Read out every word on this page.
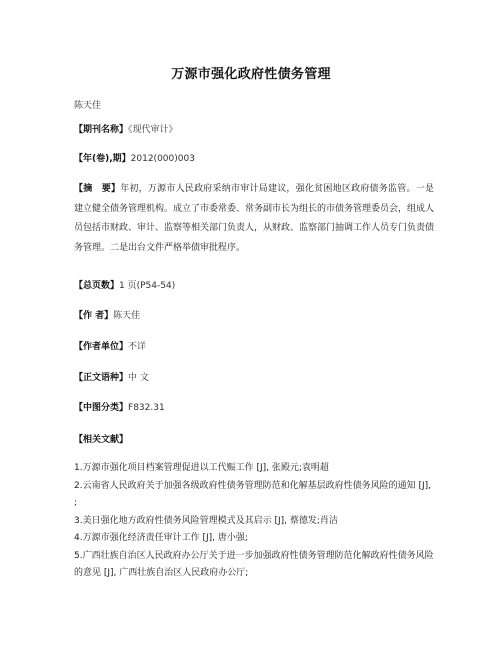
万源市强化政府性债务管理
陈天佳
【期刊名称】《现代审计》
【年(卷),期】2012(000)003
【摘　要】年初，万源市人民政府采纳市审计局建议，强化贫困地区政府债务监管。一是建立健全债务管理机构。成立了市委常委、常务副市长为组长的市债务管理委员会，组成人员包括市财政、审计、监察等相关部门负责人，从财政、监察部门抽调工作人员专门负责债务管理。二是出台文件严格举债审批程序。
【总页数】1 页(P54-54)
【作 者】陈天佳
【作者单位】不详
【正文语种】中 文
【中图分类】F832.31
【相关文献】
1.万源市强化项目档案管理促进以工代赈工作 [J], 张殿元;袁明超
2.云南省人民政府关于加强各级政府性债务管理防范和化解基层政府性债务风险的通知 [J], ;
3.美日强化地方政府性债务风险管理模式及其启示 [J], 蔡德发;肖洁
4.万源市强化经济责任审计工作 [J], 唐小强;
5.广西壮族自治区人民政府办公厅关于进一步加强政府性债务管理防范化解政府性债务风险的意见 [J], 广西壮族自治区人民政府办公厅;
